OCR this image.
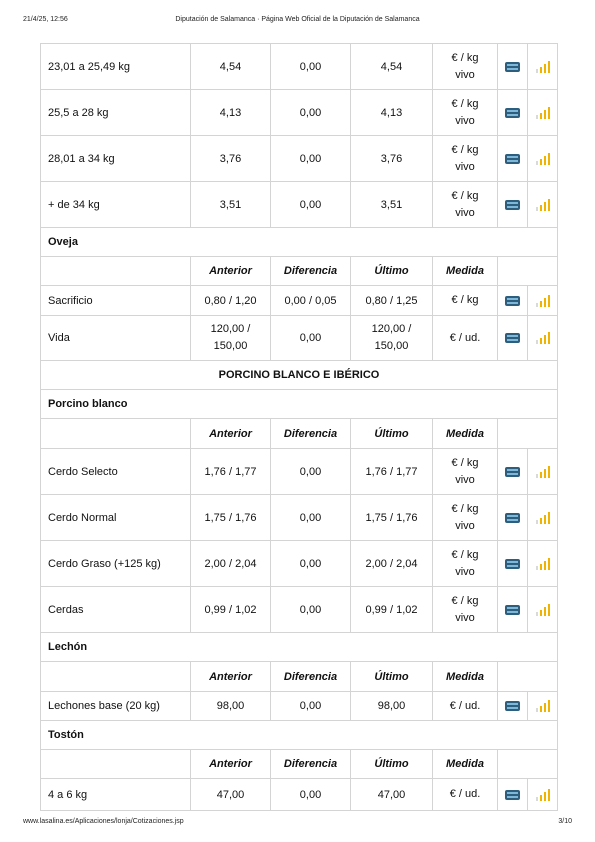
21/4/25, 12:56	Diputación de Salamanca · Página Web Oficial de la Diputación de Salamanca
23,01 a 25,49 kg	4,54	0,00	4,54	€ / kg
vivo		

25,5 a 28 kg	4,13	0,00	4,13	€ / kg
vivo		

28,01 a 34 kg	3,76	0,00	3,76	€ / kg
vivo		

+ de 34 kg	3,51	0,00	3,51	€ / kg
vivo		

Oveja						
	Anterior	Diferencia	Último	Medida		
Sacrificio	0,80 / 1,20	0,00 / 0,05	0,80 / 1,25	€ / kg		

Vida	120,00 /
150,00	0,00	120,00 /
150,00	€ / ud.		

PORCINO BLANCO E IBÉRICO						
Porcino blanco						
	Anterior	Diferencia	Último	Medida		
Cerdo Selecto	1,76 / 1,77	0,00	1,76 / 1,77	€ / kg
vivo		

Cerdo Normal	1,75 / 1,76	0,00	1,75 / 1,76	€ / kg
vivo		

Cerdo Graso (+125 kg)	2,00 / 2,04	0,00	2,00 / 2,04	€ / kg
vivo		

Cerdas	0,99 / 1,02	0,00	0,99 / 1,02	€ / kg
vivo		

Lechón						
	Anterior	Diferencia	Último	Medida		
Lechones base (20 kg)	98,00	0,00	98,00	€ / ud.		

Tostón						
	Anterior	Diferencia	Último	Medida		
4 a 6 kg	47,00	0,00	47,00	€ / ud.		
www.lasalina.es/Aplicaciones/lonja/Cotizaciones.jsp	3/10
